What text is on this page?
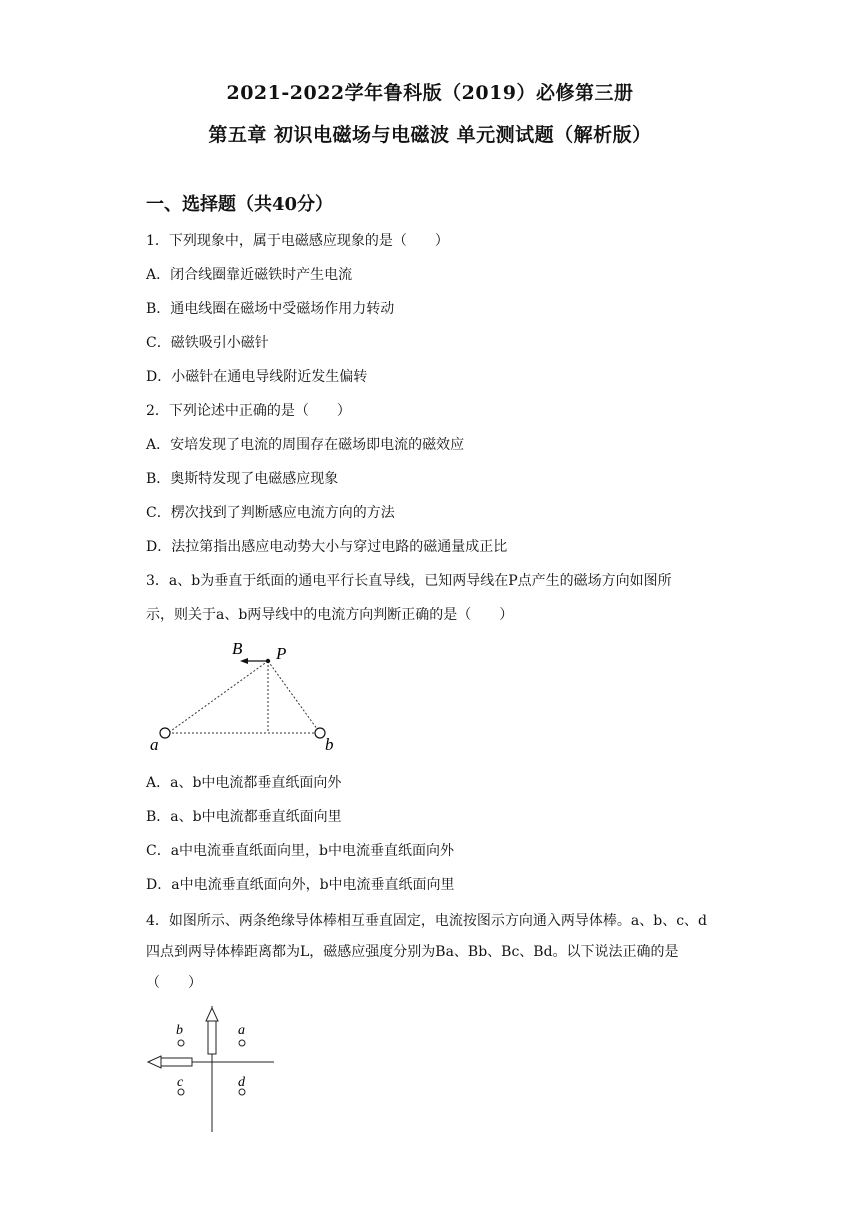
2021-2022学年鲁科版（2019）必修第三册
第五章 初识电磁场与电磁波 单元测试题（解析版）
一、选择题（共40分）
1．下列现象中，属于电磁感应现象的是（　　）
A．闭合线圈靠近磁铁时产生电流
B．通电线圈在磁场中受磁场作用力转动
C．磁铁吸引小磁针
D．小磁针在通电导线附近发生偏转
2．下列论述中正确的是（　　）
A．安培发现了电流的周围存在磁场即电流的磁效应
B．奥斯特发现了电磁感应现象
C．楞次找到了判断感应电流方向的方法
D．法拉第指出感应电动势大小与穿过电路的磁通量成正比
3．a、b为垂直于纸面的通电平行长直导线，已知两导线在P点产生的磁场方向如图所
示，则关于a、b两导线中的电流方向判断正确的是（　　）
B P
a	b
A．a、b中电流都垂直纸面向外
B．a、b中电流都垂直纸面向里
C．a中电流垂直纸面向里，b中电流垂直纸面向外
D．a中电流垂直纸面向外，b中电流垂直纸面向里
4．如图所示、两条绝缘导体棒相互垂直固定，电流按图示方向通入两导体棒。a、b、c、d四点到两导体棒距离都为L，磁感应强度分别为Ba、Bb、Bc、Bd。以下说法正确的是（　　）
b	a
c	d
